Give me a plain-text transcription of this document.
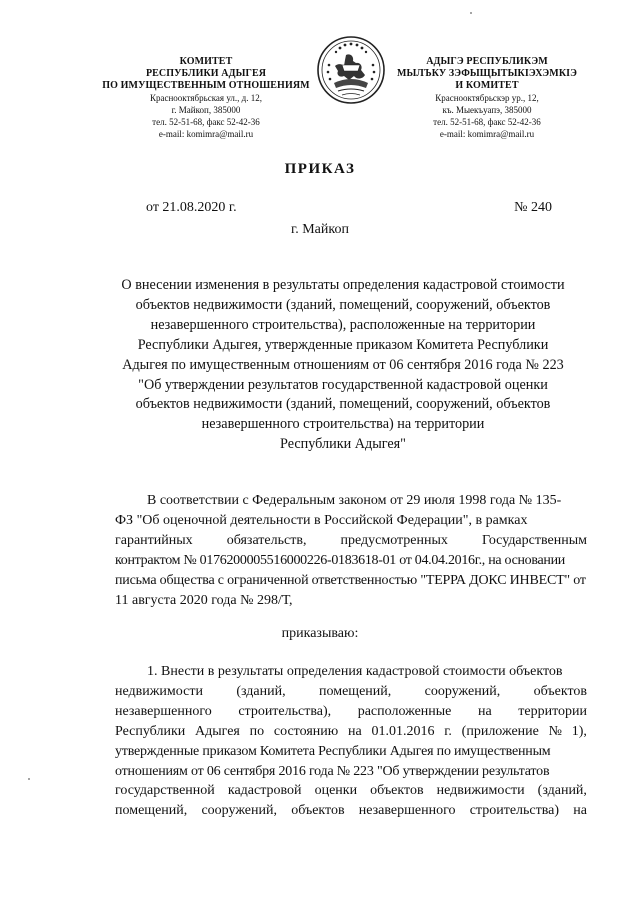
КОМИТЕТ
РЕСПУБЛИКИ АДЫГЕЯ
ПО ИМУЩЕСТВЕННЫМ ОТНОШЕНИЯМ
Краснооктябрьская ул., д. 12,
г. Майкоп, 385000
тел. 52-51-68, факс 52-42-36
e-mail: komimra@mail.ru
АДЫГЭ РЕСПУБЛИКЭМ
МЫЛЪКУ ЗЭФЫЩЫТЫКІЭХЭМКІЭ
И КОМИТЕТ
Краснооктябрьскэр ур., 12,
къ. Мыекъуапэ, 385000
тел. 52-51-68, факс 52-42-36
e-mail: komimra@mail.ru
ПРИКАЗ
от 21.08.2020 г.	№ 240
г. Майкоп
О внесении изменения в результаты определения кадастровой стоимости
объектов недвижимости (зданий, помещений, сооружений, объектов
незавершенного строительства), расположенные на территории
Республики Адыгея, утвержденные приказом Комитета Республики
Адыгея по имущественным отношениям от 06 сентября 2016 года № 223
"Об утверждении результатов государственной кадастровой оценки
объектов недвижимости (зданий, помещений, сооружений, объектов
незавершенного строительства) на территории
Республики Адыгея"
В соответствии с Федеральным законом от 29 июля 1998 года № 135-
ФЗ "Об оценочной деятельности в Российской Федерации", в рамках
гарантийных обязательств, предусмотренных Государственным
контрактом № 0176200005516000226-0183618-01 от 04.04.2016г., на основании
письма общества с ограниченной ответственностью "ТЕРРА ДОКС ИНВЕСТ" от
11 августа 2020 года № 298/Т,
приказываю:
1. Внести в результаты определения кадастровой стоимости объектов
недвижимости (зданий, помещений, сооружений, объектов
незавершенного строительства), расположенные на территории
Республики Адыгея по состоянию на 01.01.2016 г. (приложение № 1),
утвержденные приказом Комитета Республики Адыгея по имущественным
отношениям от 06 сентября 2016 года № 223 "Об утверждении результатов
государственной кадастровой оценки объектов недвижимости (зданий,
помещений, сооружений, объектов незавершенного строительства) на
